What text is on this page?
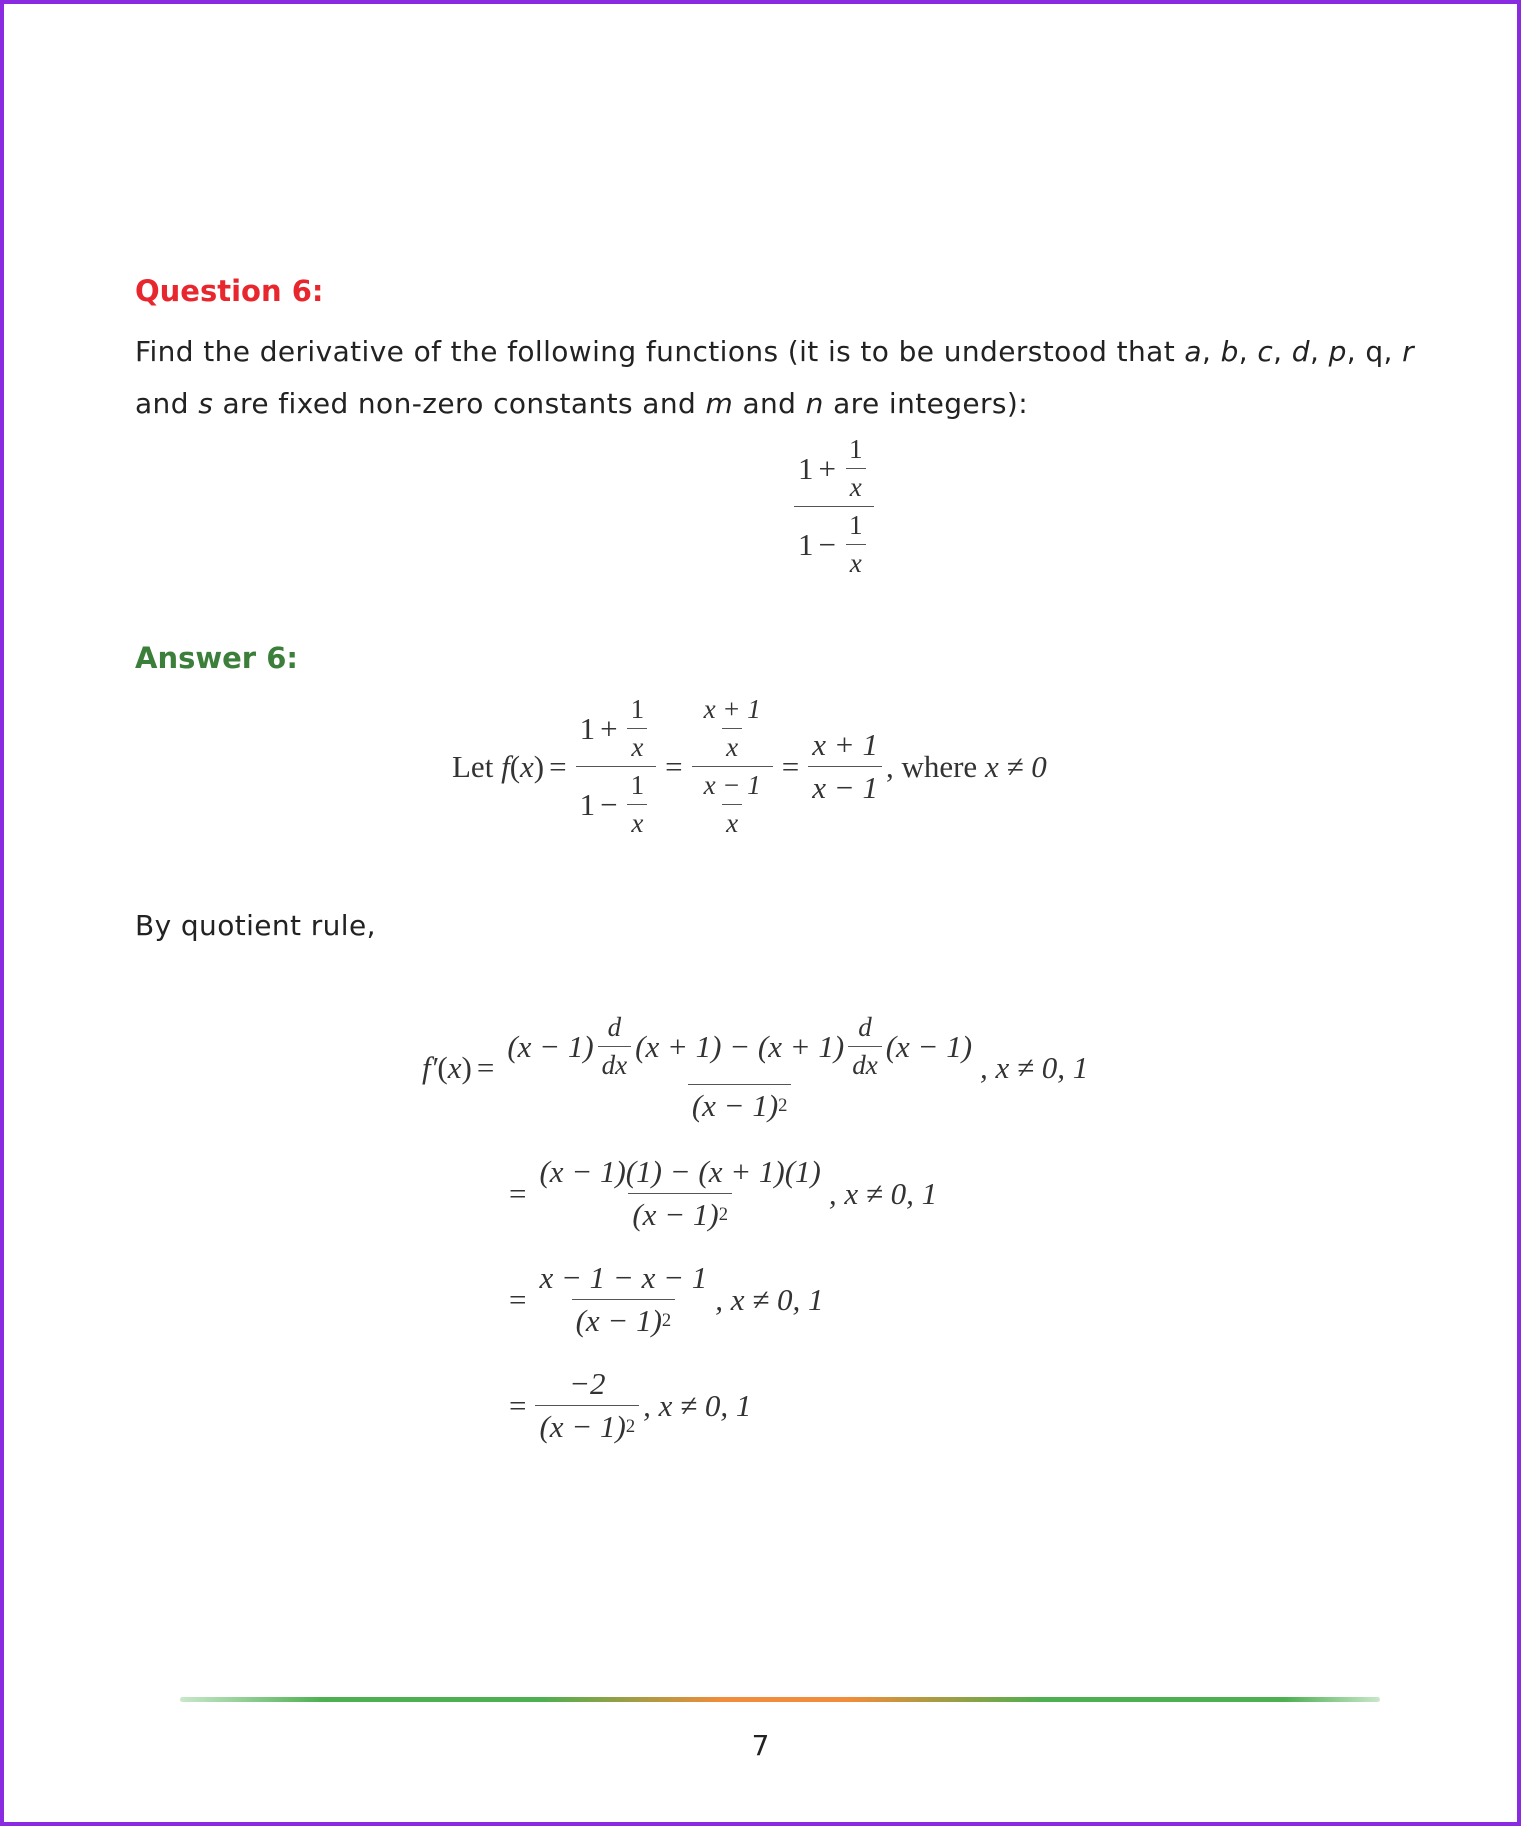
Question 6:
Find the derivative of the following functions (it is to be understood that a, b, c, d, p, q, r and s are fixed non-zero constants and m and n are integers):
$\frac{1 + \frac{1}{x}}{1 - \frac{1}{x}}$
Answer 6:
Let
f ( x ) = $\frac{1 + \frac{1}{x}}{1 - \frac{1}{x}} = \frac{\frac{x + 1}{x}}{\frac{x - 1}{x}} = \frac{x + 1}{x - 1}$ , where
x ≠ 0
By quotient rule,
f′ ( x ) =
$(x - 1) \frac{d}{dx} (x + 1) - (x + 1) \frac{d}{dx} (x - 1)$
(x − 1) 2
, x ≠ 0, 1
= $\frac{(x - 1)(1) - (x + 1)(1)}{(x - 1) 2}$ , x ≠ 0, 1
= $\frac{x - 1 - x - 1}{(x - 1) 2}$ , x ≠ 0, 1
= $\frac{-2}{(x - 1) 2}$ , x ≠ 0, 1
7
